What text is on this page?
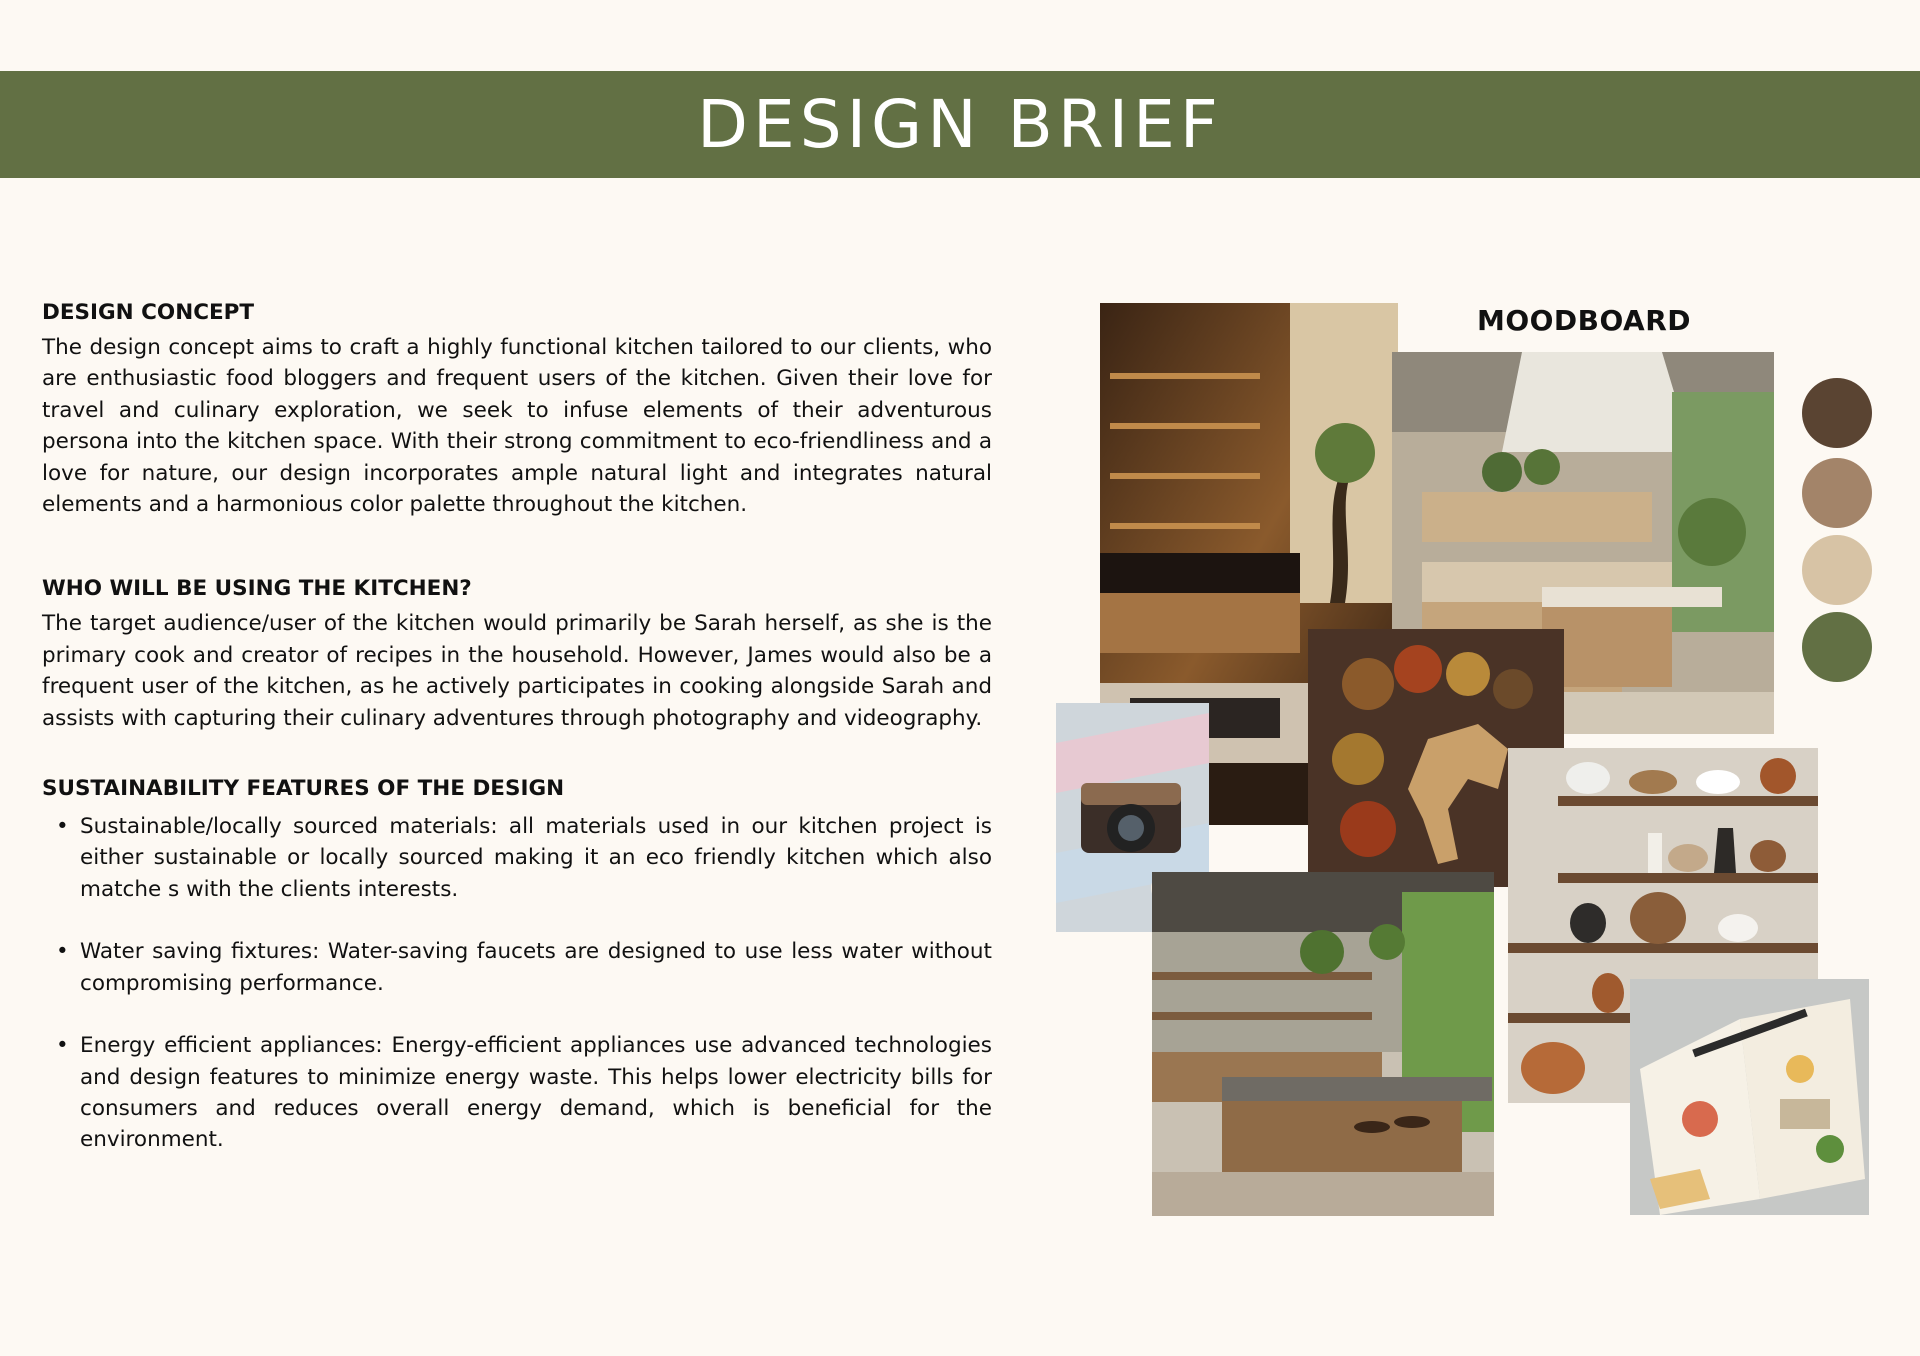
DESIGN BRIEF
DESIGN CONCEPT

The design concept aims to craft a highly functional kitchen tailored to our clients, who are enthusiastic food bloggers and frequent users of the kitchen. Given their love for travel and culinary exploration, we seek to infuse elements of their adventurous persona into the kitchen space. With their strong commitment to eco-friendliness and a love for nature, our design incorporates ample natural light and integrates natural elements and a harmonious color palette throughout the kitchen.

WHO WILL BE USING THE KITCHEN?

The target audience/user of the kitchen would primarily be Sarah herself, as she is the primary cook and creator of recipes in the household. However, James would also be a frequent user of the kitchen, as he actively participates in cooking alongside Sarah and assists with capturing their culinary adventures through photography and videography.

SUSTAINABILITY FEATURES OF THE DESIGN
• Sustainable/locally sourced materials: all materials used in our kitchen project is either sustainable or locally sourced making it an eco friendly kitchen which also matche s with the clients interests.
• Water saving fixtures: Water-saving faucets are designed to use less water without compromising performance.
• Energy efficient appliances: Energy-efficient appliances use advanced technologies and design features to minimize energy waste. This helps lower electricity bills for consumers and reduces overall energy demand, which is beneficial for the environment.
MOODBOARD
